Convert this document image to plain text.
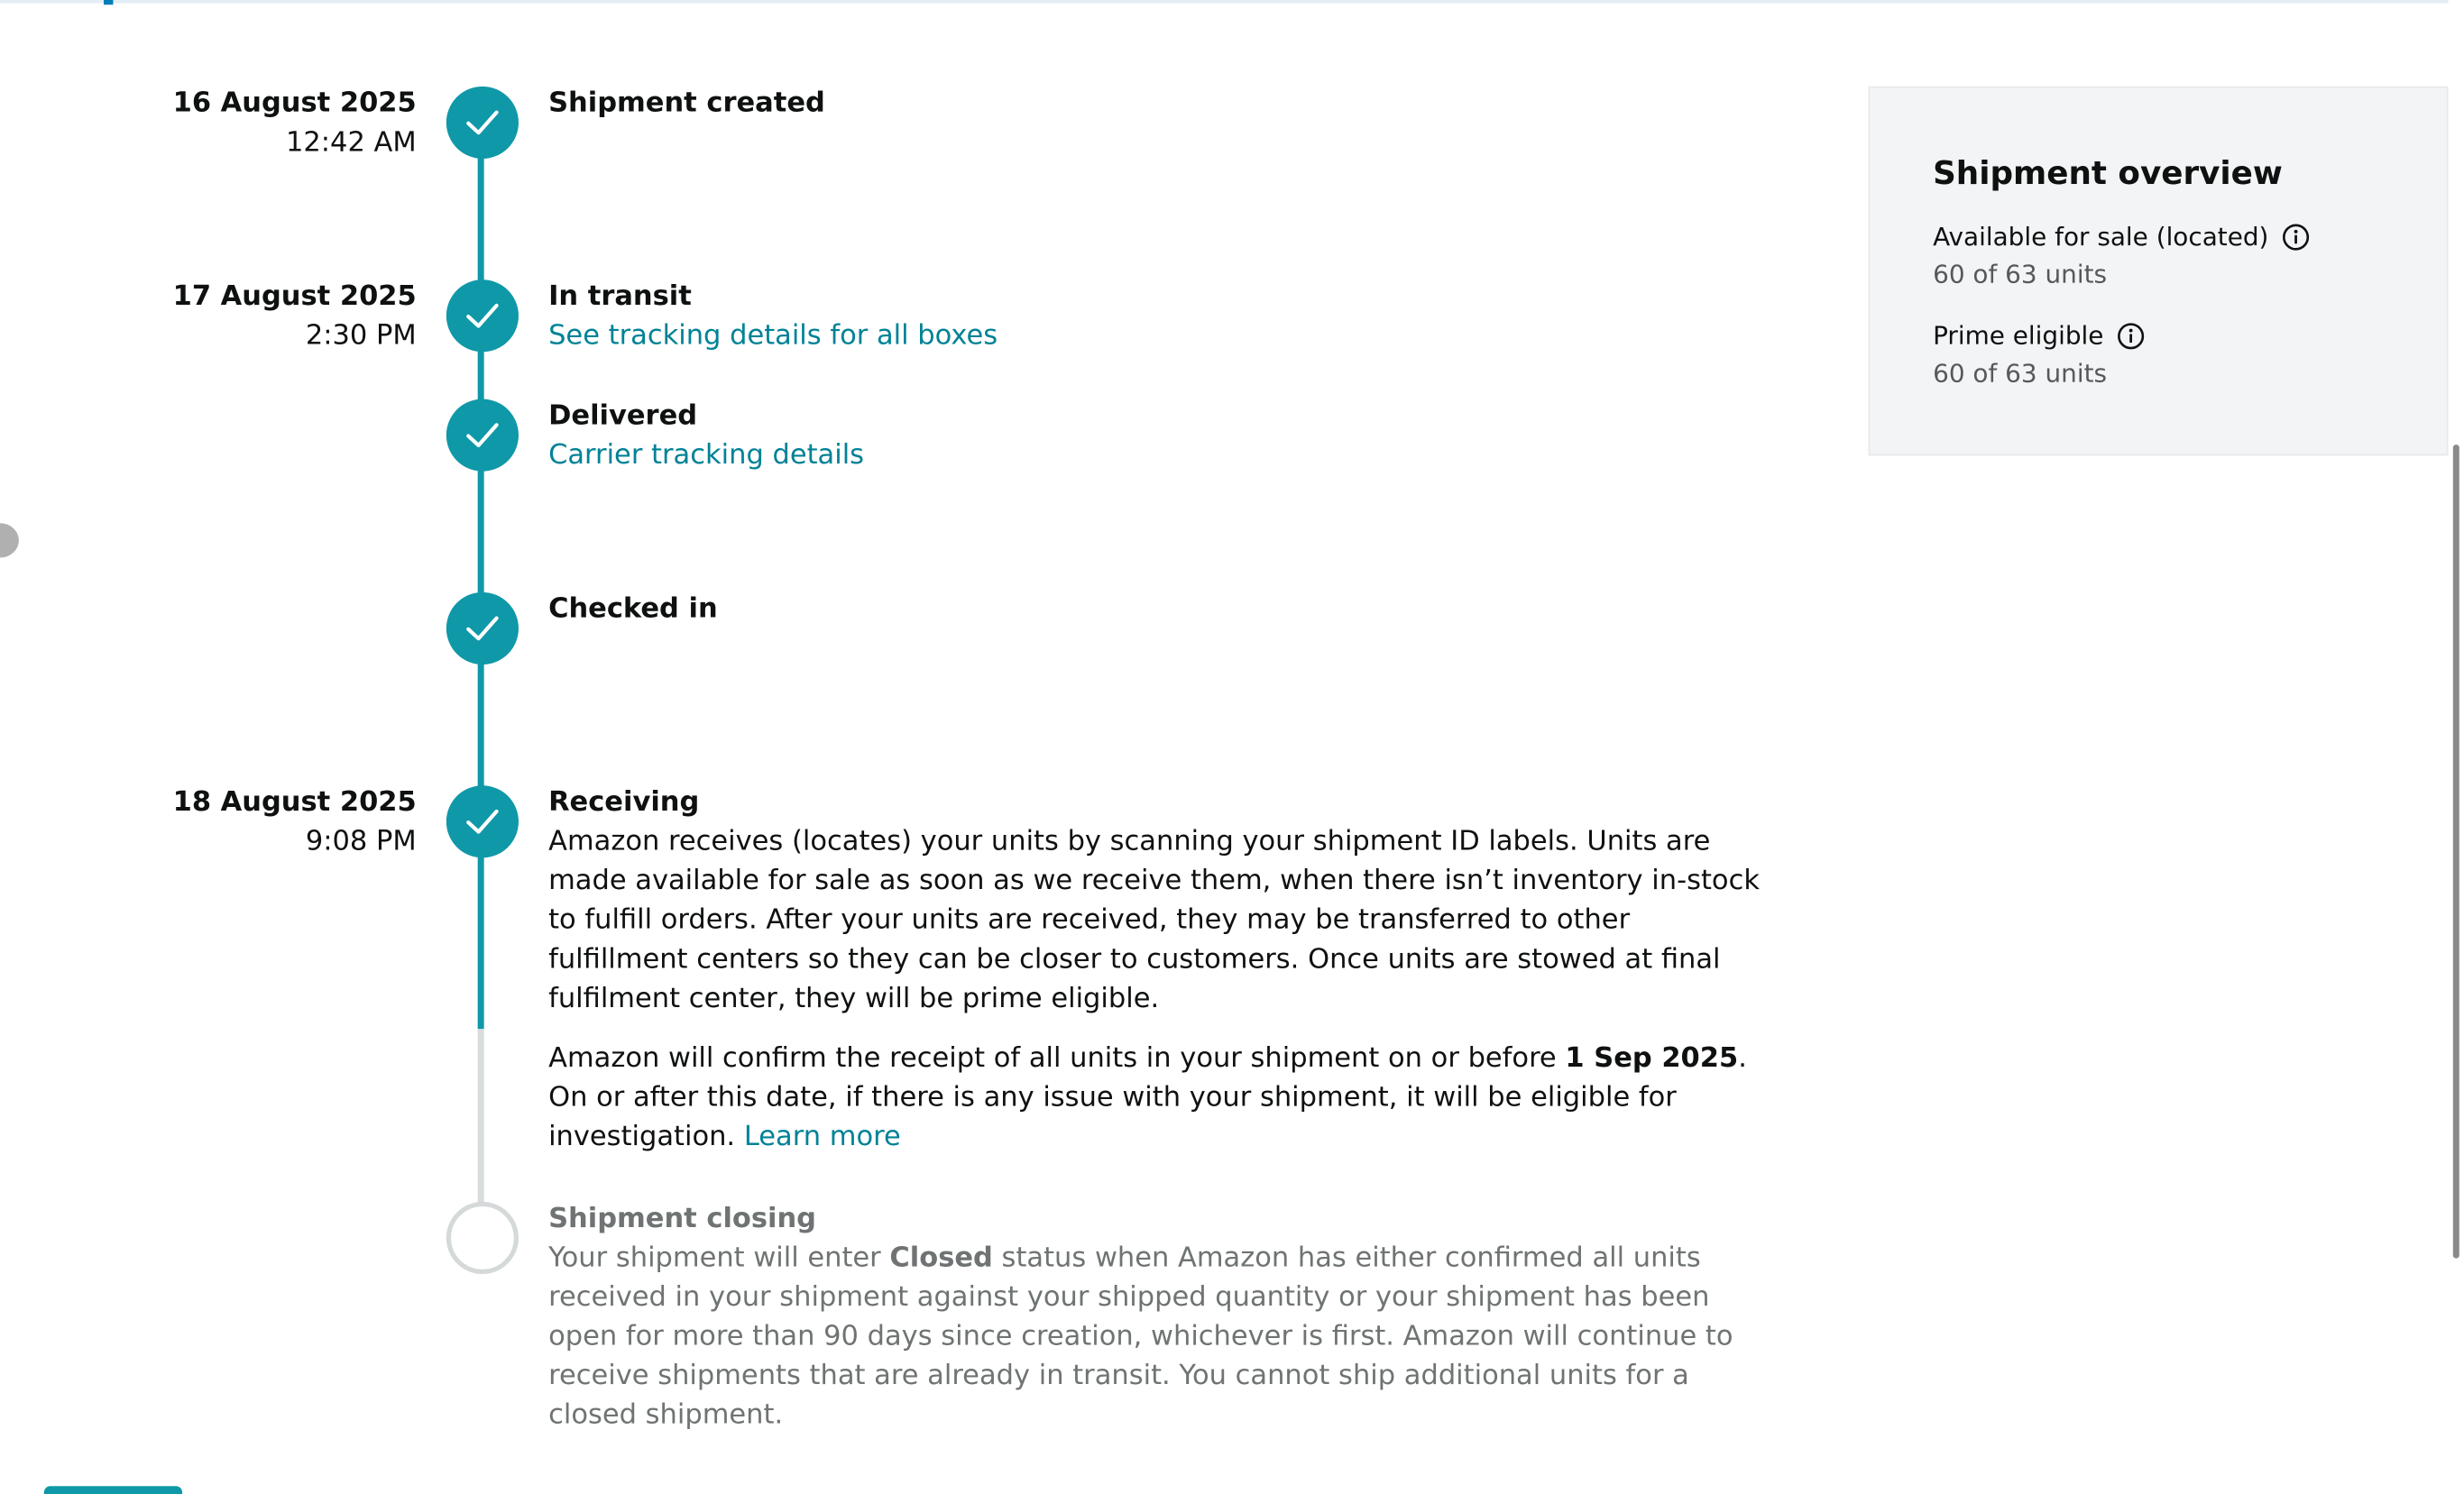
16 August 2025
12:42 AM
Shipment created
17 August 2025
2:30 PM
In transit
See tracking details for all boxes
Delivered
Carrier tracking details
Checked in
18 August 2025
9:08 PM
Receiving

Amazon receives (locates) your units by scanning your shipment ID labels. Units are made available for sale as soon as we receive them, when there isn’t inventory in-stock to fulfill orders. After your units are received, they may be transferred to other fulfillment centers so they can be closer to customers. Once units are stowed at final fulfilment center, they will be prime eligible.

Amazon will confirm the receipt of all units in your shipment on or before 1 Sep 2025. On or after this date, if there is any issue with your shipment, it will be eligible for investigation. Learn more

Shipment closing
Your shipment will enter Closed status when Amazon has either confirmed all units received in your shipment against your shipped quantity or your shipment has been open for more than 90 days since creation, whichever is first. Amazon will continue to receive shipments that are already in transit. You cannot ship additional units for a closed shipment.
Shipment overview
Available for sale (located)
60 of 63 units
Prime eligible
60 of 63 units
